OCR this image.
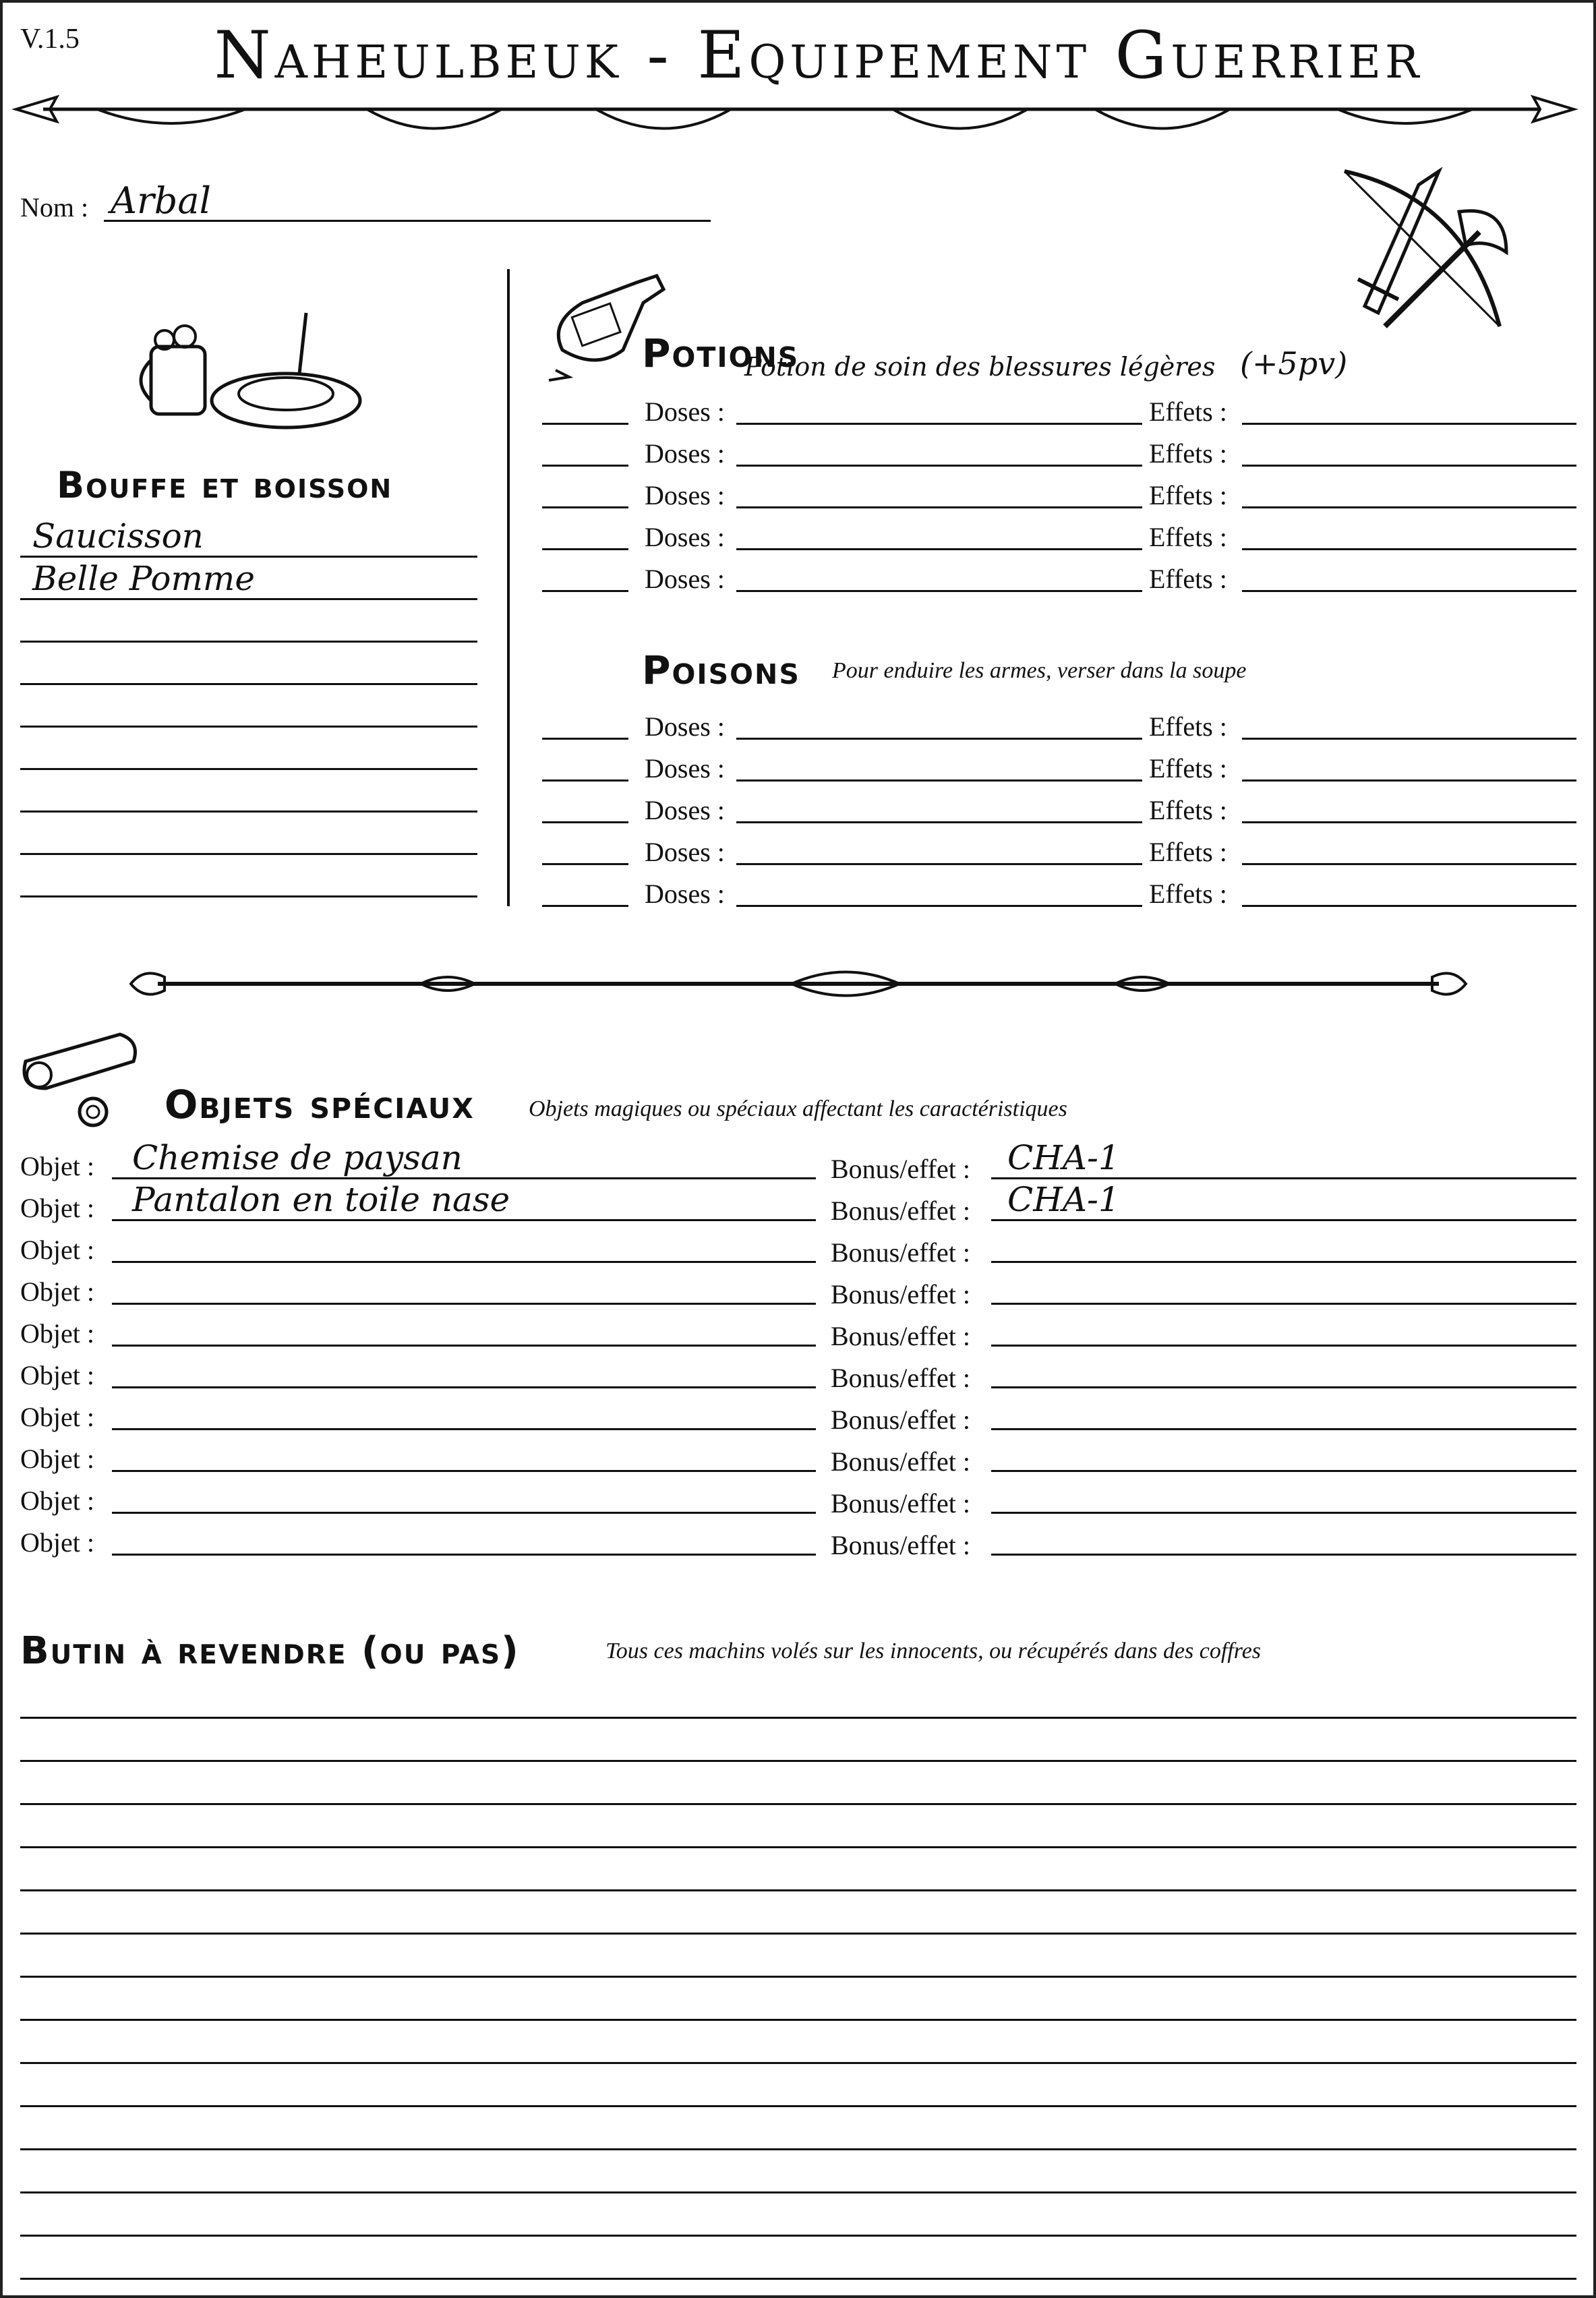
V.1.5	Naheulbeuk - Equipement Guerrier
Nom : Arbal
Bouffe et boisson
Saucisson
Belle Pomme
Potions
Potion de soin des blessures légères (+5pv)
Doses :	Effets :
Doses :	Effets :
Doses :	Effets :
Doses :	Effets :
Doses :	Effets :
Poisons Pour enduire les armes, verser dans la soupe
Doses :	Effets :
Doses :	Effets :
Doses :	Effets :
Doses :	Effets :
Doses :	Effets :
Objets spéciaux Objets magiques ou spéciaux affectant les caractéristiques
Objet : Chemise de paysan	Bonus/effet : CHA-1
Objet : Pantalon en toile nase	Bonus/effet : CHA-1
Objet :	Bonus/effet :
Objet :	Bonus/effet :
Objet :	Bonus/effet :
Objet :	Bonus/effet :
Objet :	Bonus/effet :
Objet :	Bonus/effet :
Objet :	Bonus/effet :
Objet :	Bonus/effet :
Butin à revendre (ou pas)	Tous ces machins volés sur les innocents, ou récupérés dans des coffres
